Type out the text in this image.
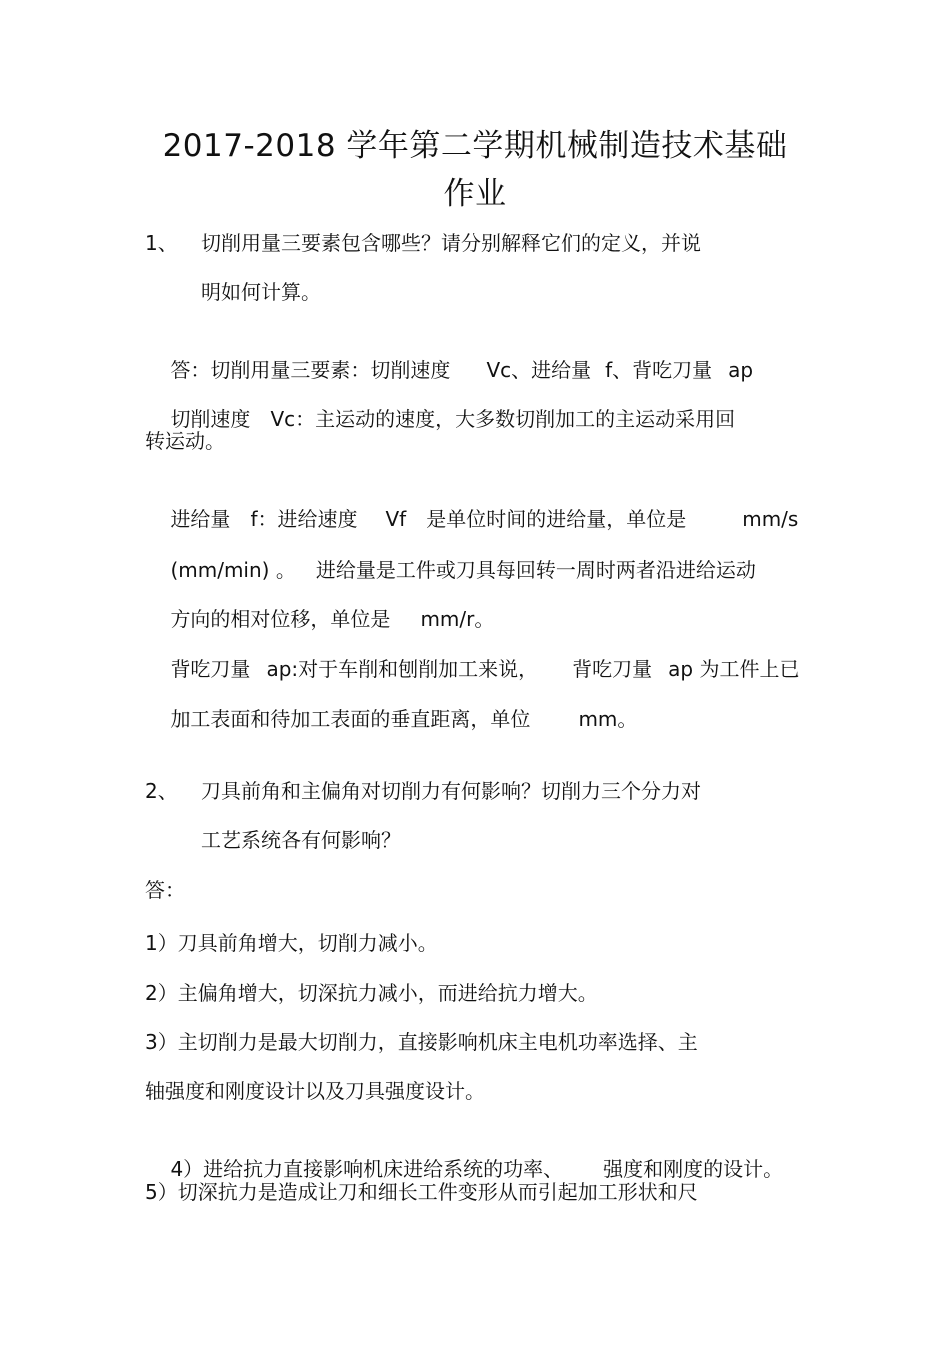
2017-2018 学年第二学期机械制造技术基础
作业
1、 切削用量三要素包含哪些？请分别解释它们的定义，并说
明如何计算。

答：切削用量三要素：切削速度 Vc、进给量 f、背吃刀量 ap

切削速度 Vc：主运动的速度，大多数切削加工的主运动采用回

转运动。

进给量 f：进给速度 Vf 是单位时间的进给量，单位是	mm/s

(mm/min) 。 进给量是工件或刀具每回转一周时两者沿进给运动

方向的相对位移，单位是 mm/r。

背吃刀量 ap:对于车削和刨削加工来说， 背吃刀量 ap 为工件上已

加工表面和待加工表面的垂直距离，单位 mm。

2、 刀具前角和主偏角对切削力有何影响？切削力三个分力对
工艺系统各有何影响？
答：
1）刀具前角增大，切削力减小。
2）主偏角增大，切深抗力减小，而进给抗力增大。
3）主切削力是最大切削力，直接影响机床主电机功率选择、主
轴强度和刚度设计以及刀具强度设计。

4）进给抗力直接影响机床进给系统的功率、 强度和刚度的设计。

5）切深抗力是造成让刀和细长工件变形从而引起加工形状和尺
